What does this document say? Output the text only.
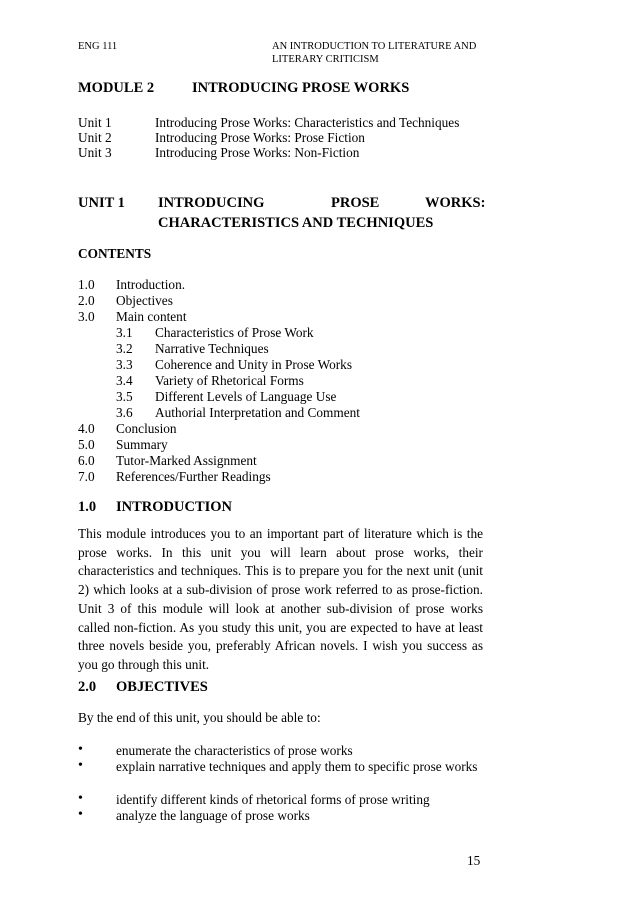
ENG 111	AN INTRODUCTION TO LITERATURE AND
LITERARY CRITICISM
MODULE 2	INTRODUCING PROSE WORKS
Unit 1	Introducing Prose Works: Characteristics and Techniques
Unit 2	Introducing Prose Works: Prose Fiction
Unit 3	Introducing Prose Works: Non-Fiction
UNIT 1 INTRODUCING	PROSE	WORKS:
CHARACTERISTICS AND TECHNIQUES
CONTENTS
1.0 Introduction.
2.0 Objectives
3.0 Main content
3.1 Characteristics of Prose Work
3.2 Narrative Techniques
3.3 Coherence and Unity in Prose Works
3.4 Variety of Rhetorical Forms
3.5 Different Levels of Language Use
3.6 Authorial Interpretation and Comment
4.0 Conclusion
5.0 Summary
6.0 Tutor-Marked Assignment
7.0 References/Further Readings
1.0 INTRODUCTION
This module introduces you to an important part of literature which is the prose works. In this unit you will learn about prose works, their characteristics and techniques. This is to prepare you for the next unit (unit 2) which looks at a sub-division of prose work referred to as prose-fiction. Unit 3 of this module will look at another sub-division of prose works called non-fiction. As you study this unit, you are expected to have at least three novels beside you, preferably African novels. I wish you success as you go through this unit.
2.0 OBJECTIVES
By the end of this unit, you should be able to:
• enumerate the characteristics of prose works
• explain narrative techniques and apply them to specific prose works
• identify different kinds of rhetorical forms of prose writing
• analyze the language of prose works
15
